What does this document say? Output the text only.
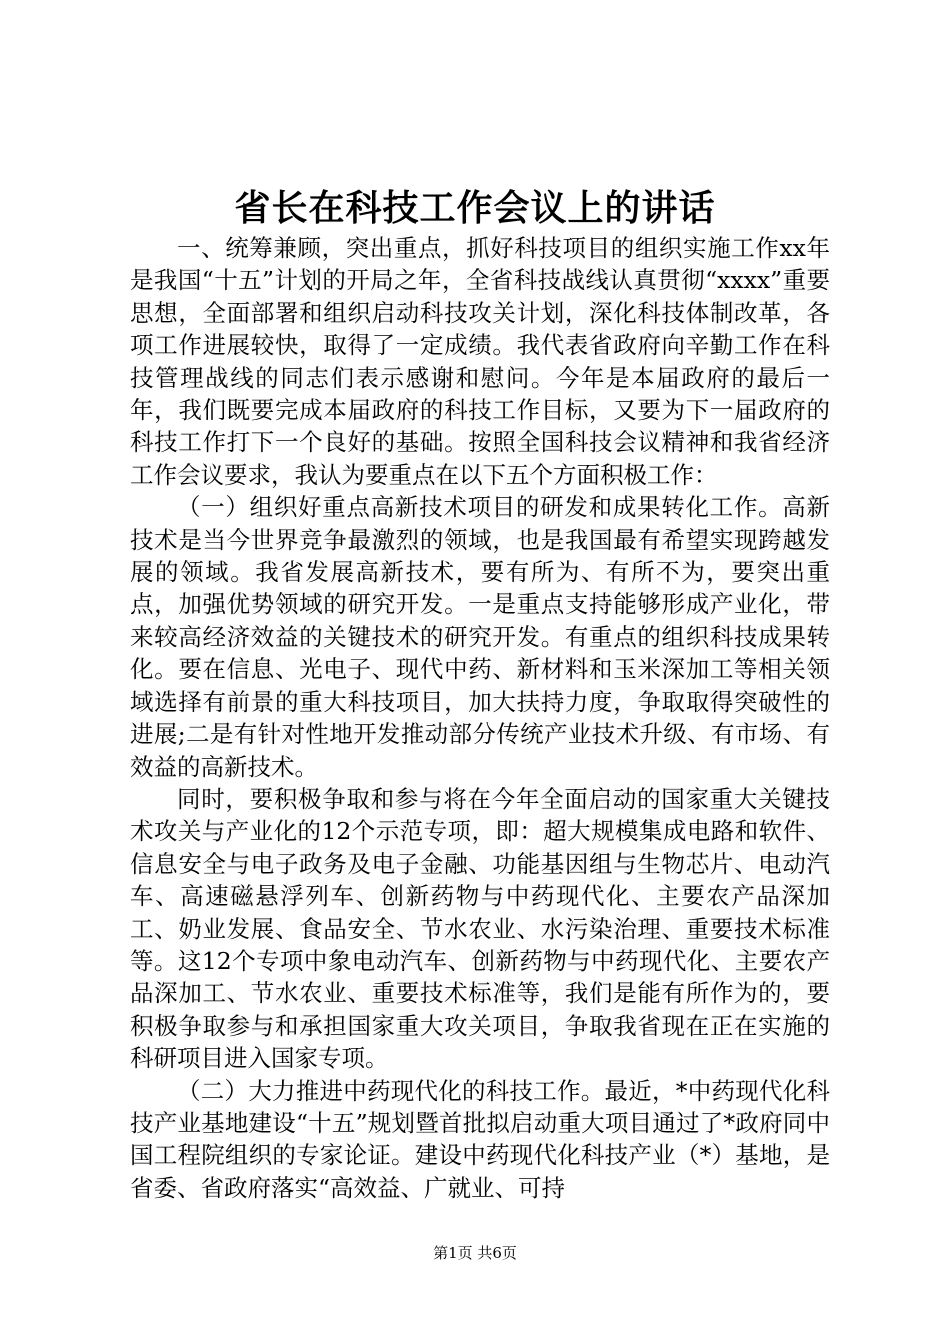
省长在科技工作会议上的讲话

一、统筹兼顾，突出重点，抓好科技项目的组织实施工作xx年是我国“十五”计划的开局之年，全省科技战线认真贯彻“xxxx”重要思想，全面部署和组织启动科技攻关计划，深化科技体制改革，各项工作进展较快，取得了一定成绩。我代表省政府向辛勤工作在科技管理战线的同志们表示感谢和慰问。今年是本届政府的最后一年，我们既要完成本届政府的科技工作目标，又要为下一届政府的科技工作打下一个良好的基础。按照全国科技会议精神和我省经济工作会议要求，我认为要重点在以下五个方面积极工作：

（一）组织好重点高新技术项目的研发和成果转化工作。高新技术是当今世界竞争最激烈的领域，也是我国最有希望实现跨越发展的领域。我省发展高新技术，要有所为、有所不为，要突出重点，加强优势领域的研究开发。一是重点支持能够形成产业化，带来较高经济效益的关键技术的研究开发。有重点的组织科技成果转化。要在信息、光电子、现代中药、新材料和玉米深加工等相关领域选择有前景的重大科技项目，加大扶持力度，争取取得突破性的进展;二是有针对性地开发推动部分传统产业技术升级、有市场、有效益的高新技术。

同时，要积极争取和参与将在今年全面启动的国家重大关键技术攻关与产业化的12个示范专项，即：超大规模集成电路和软件、信息安全与电子政务及电子金融、功能基因组与生物芯片、电动汽车、高速磁悬浮列车、创新药物与中药现代化、主要农产品深加工、奶业发展、食品安全、节水农业、水污染治理、重要技术标准等。这12个专项中象电动汽车、创新药物与中药现代化、主要农产品深加工、节水农业、重要技术标准等，我们是能有所作为的，要积极争取参与和承担国家重大攻关项目，争取我省现在正在实施的科研项目进入国家专项。

（二）大力推进中药现代化的科技工作。最近，*中药现代化科技产业基地建设“十五”规划暨首批拟启动重大项目通过了*政府同中国工程院组织的专家论证。建设中药现代化科技产业（*）基地，是省委、省政府落实“高效益、广就业、可持

第1页 共6页
